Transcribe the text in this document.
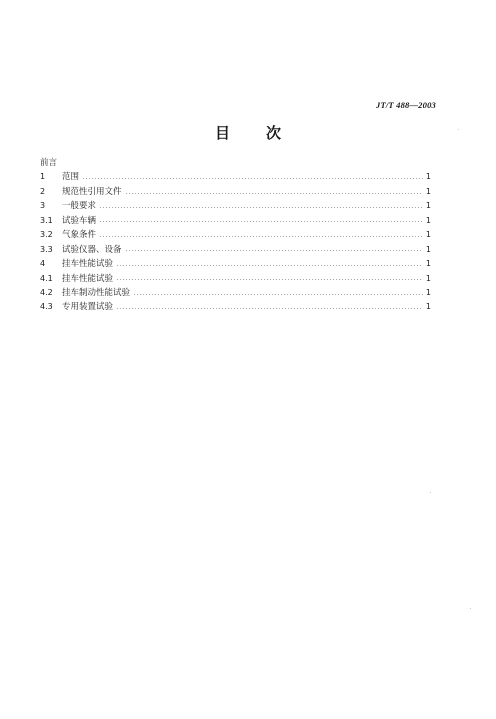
JT/T 488—2003
目 次
前言
1	范围	1
2	规范性引用文件	1
3	一般要求	1
3.1	试验车辆	1
3.2	气象条件	1
3.3	试验仪器、设备	1
4	挂车性能试验	1
4.1	挂车性能试验	1
4.2	挂车制动性能试验	1
4.3	专用装置试验	1
